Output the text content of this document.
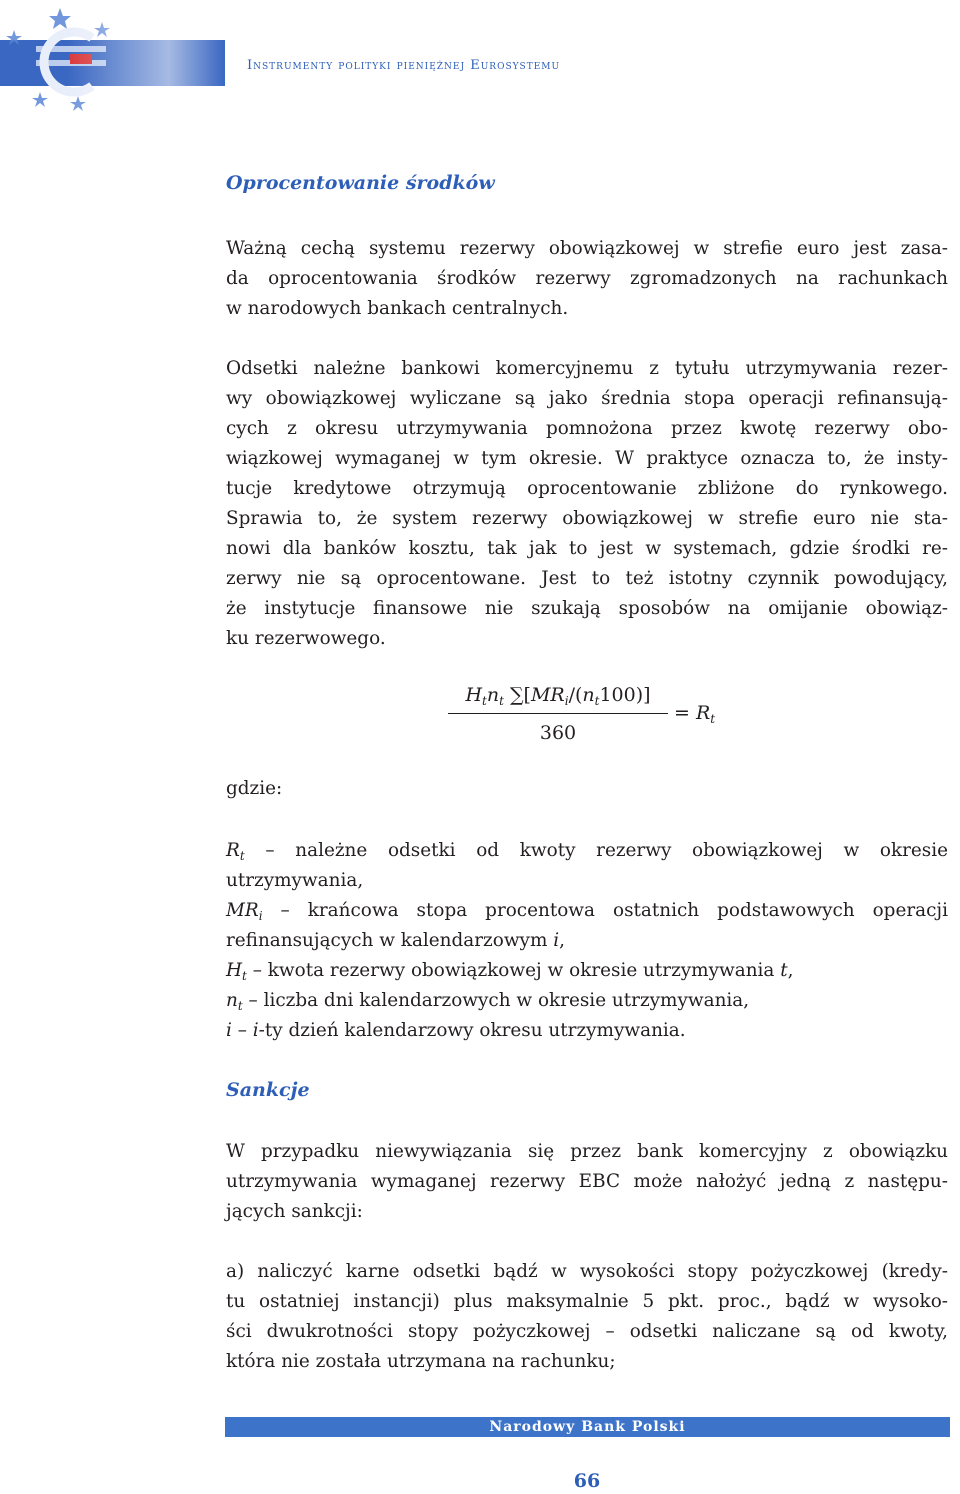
Instrumenty polityki pieniężnej Eurosystemu
Oprocentowanie środków
Ważną cechą systemu rezerwy obowiązkowej w strefie euro jest zasa-
da oprocentowania środków rezerwy zgromadzonych na rachunkach
w narodowych bankach centralnych.
Odsetki należne bankowi komercyjnemu z tytułu utrzymywania rezer-
wy obowiązkowej wyliczane są jako średnia stopa operacji refinansują-
cych z okresu utrzymywania pomnożona przez kwotę rezerwy obo-
wiązkowej wymaganej w tym okresie. W praktyce oznacza to, że insty-
tucje kredytowe otrzymują oprocentowanie zbliżone do rynkowego.
Sprawia to, że system rezerwy obowiązkowej w strefie euro nie sta-
nowi dla banków kosztu, tak jak to jest w systemach, gdzie środki re-
zerwy nie są oprocentowane. Jest to też istotny czynnik powodujący,
że instytucje finansowe nie szukają sposobów na omijanie obowiąz-
ku rezerwowego.
$H_tn_t$ $\sum[MR_i/(n_t100)]$
360
= $R_t$
gdzie:
$R_t$ – należne odsetki od kwoty rezerwy obowiązkowej w okresie
utrzymywania,
$MR_i$ – krańcowa stopa procentowa ostatnich podstawowych operacji
refinansujących w kalendarzowym i,
$H_t$ – kwota rezerwy obowiązkowej w okresie utrzymywania t,
$n_t$ – liczba dni kalendarzowych w okresie utrzymywania,
i – i-ty dzień kalendarzowy okresu utrzymywania.
Sankcje
W przypadku niewywiązania się przez bank komercyjny z obowiązku
utrzymywania wymaganej rezerwy EBC może nałożyć jedną z następu-
jących sankcji:
a) naliczyć karne odsetki bądź w wysokości stopy pożyczkowej (kredy-
tu ostatniej instancji) plus maksymalnie 5 pkt. proc., bądź w wysoko-
ści dwukrotności stopy pożyczkowej – odsetki naliczane są od kwoty,
która nie została utrzymana na rachunku;
Narodowy Bank Polski
66
